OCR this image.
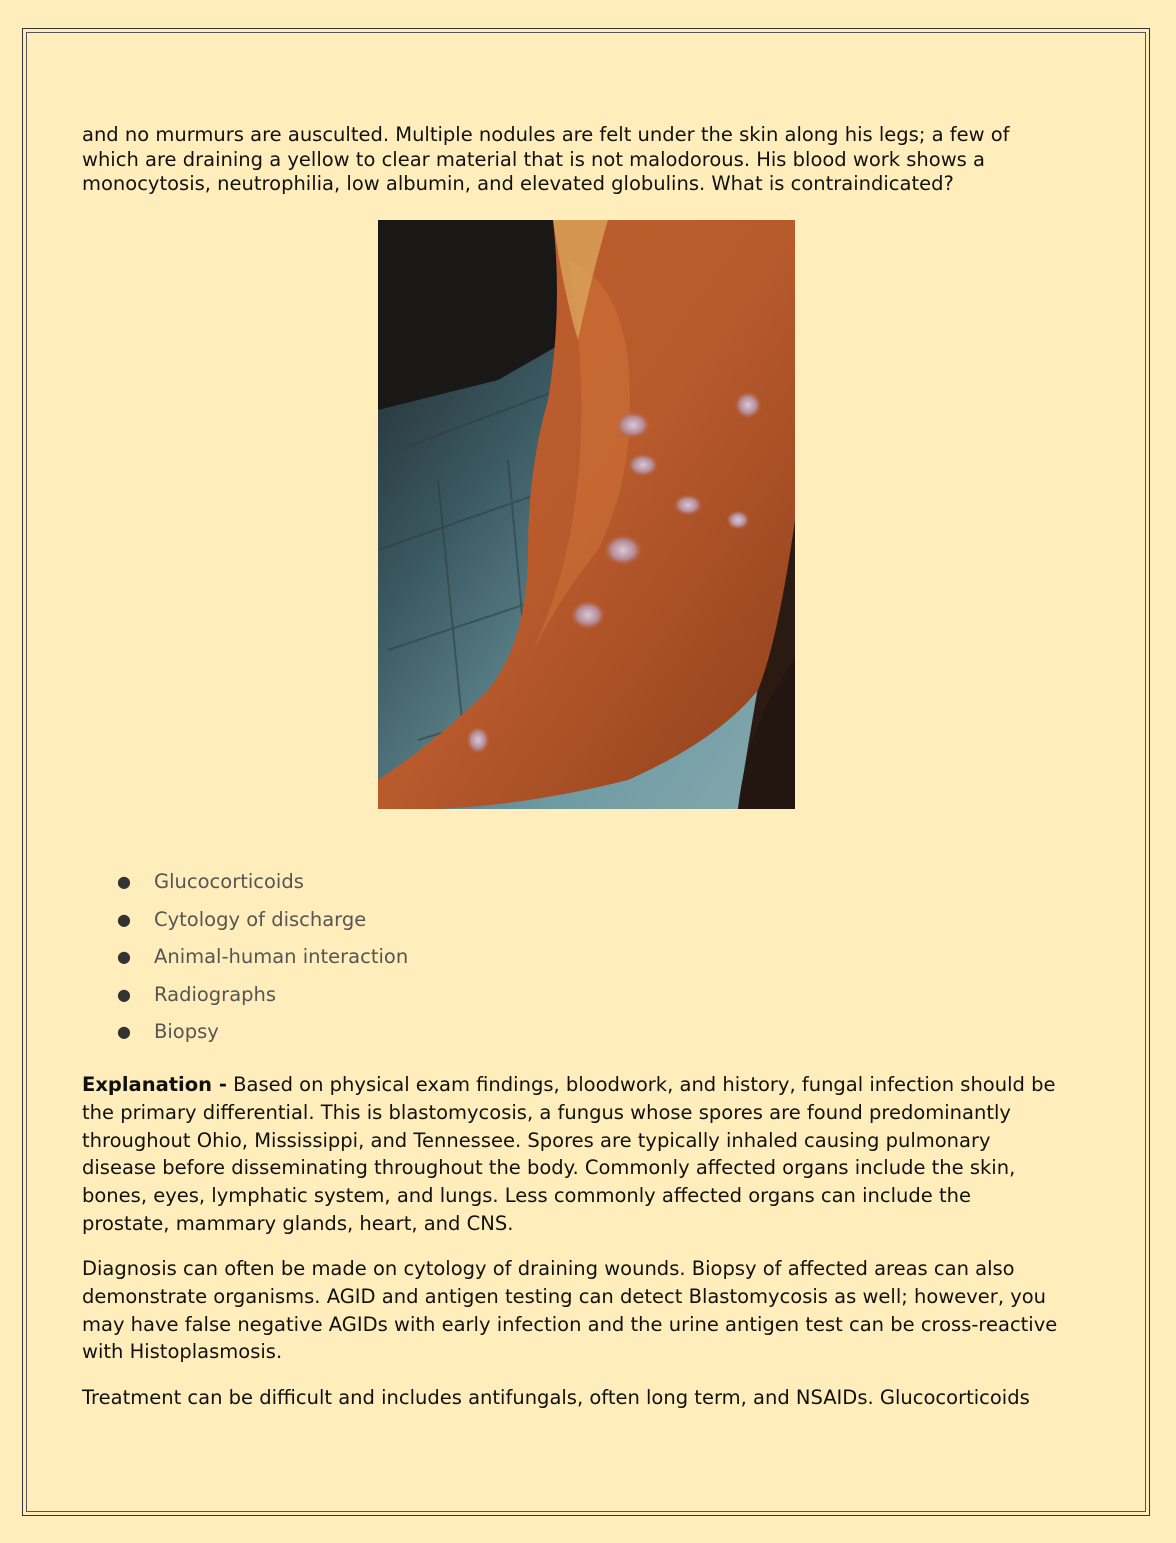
and no murmurs are ausculted. Multiple nodules are felt under the skin along his legs; a few of
which are draining a yellow to clear material that is not malodorous. His blood work shows a
monocytosis, neutrophilia, low albumin, and elevated globulins. What is contraindicated?

● Glucocorticoids
● Cytology of discharge
● Animal-human interaction
● Radiographs
● Biopsy

Explanation - Based on physical exam findings, bloodwork, and history, fungal infection should be
the primary differential. This is blastomycosis, a fungus whose spores are found predominantly
throughout Ohio, Mississippi, and Tennessee. Spores are typically inhaled causing pulmonary
disease before disseminating throughout the body. Commonly affected organs include the skin,
bones, eyes, lymphatic system, and lungs. Less commonly affected organs can include the
prostate, mammary glands, heart, and CNS.

Diagnosis can often be made on cytology of draining wounds. Biopsy of affected areas can also
demonstrate organisms. AGID and antigen testing can detect Blastomycosis as well; however, you
may have false negative AGIDs with early infection and the urine antigen test can be cross-reactive
with Histoplasmosis.

Treatment can be difficult and includes antifungals, often long term, and NSAIDs. Glucocorticoids
